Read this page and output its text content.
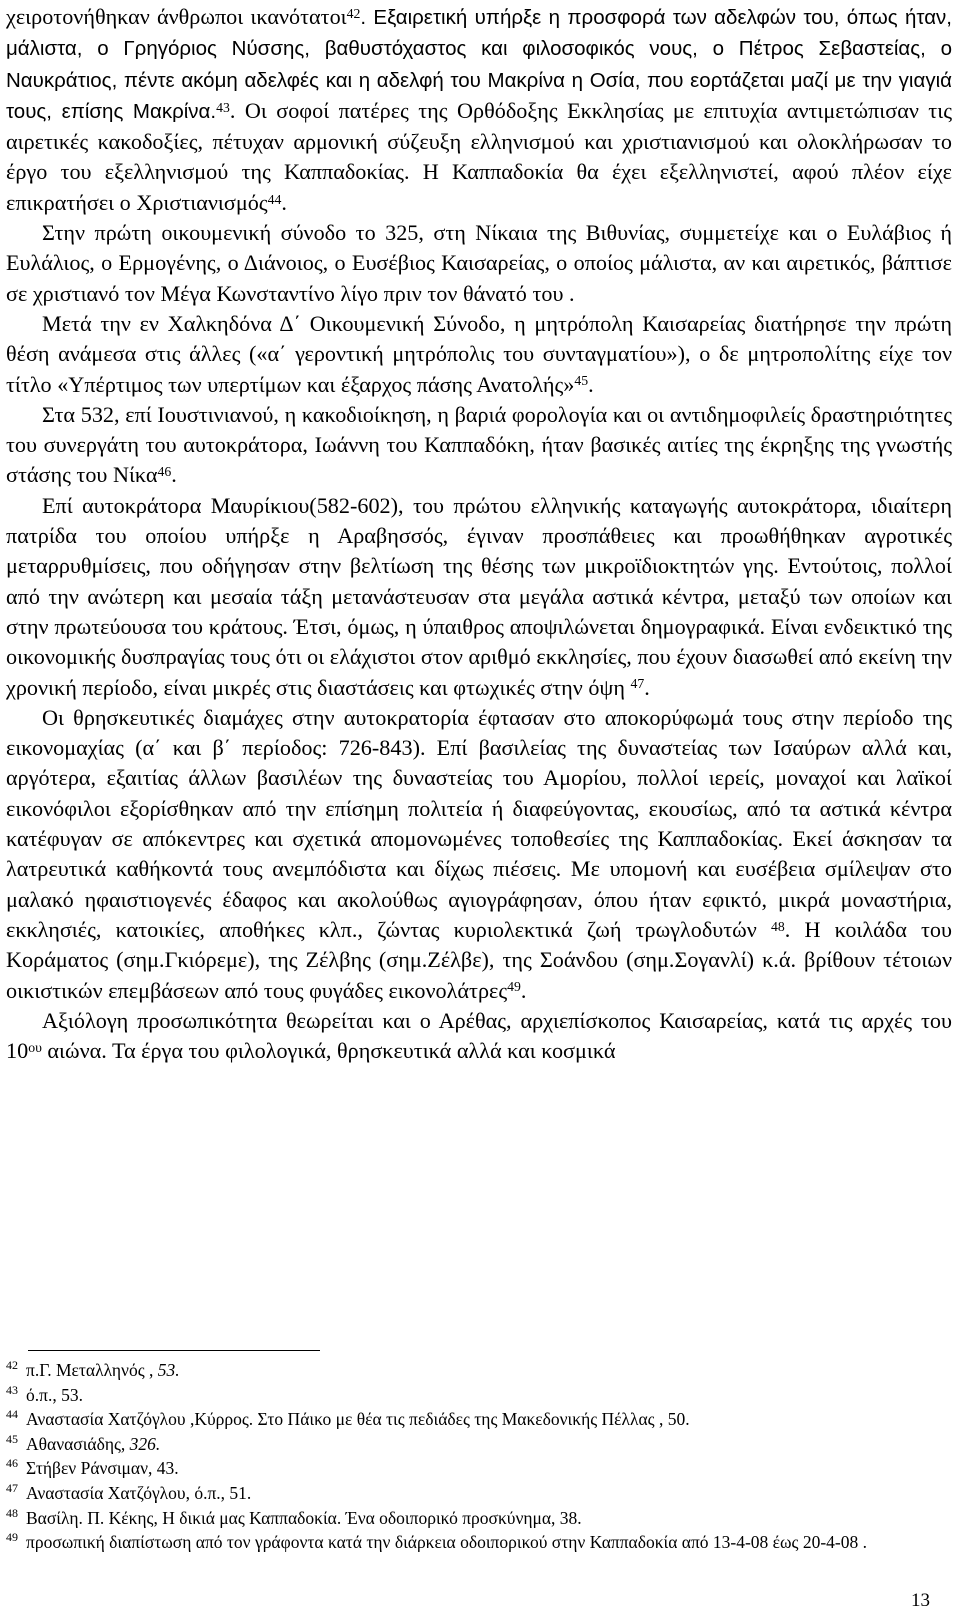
χειροτονήθηκαν άνθρωποι ικανότατοι$^{42}$. Εξαιρετική υπήρξε η προσφορά των αδελφών του, όπως ήταν, μάλιστα, ο Γρηγόριος Νύσσης, βαθυστόχαστος και φιλοσοφικός νους, ο Πέτρος Σεβαστείας, ο Ναυκράτιος, πέντε ακόμη αδελφές και η αδελφή του Μακρίνα η Οσία, που εορτάζεται μαζί με την γιαγιά τους, επίσης Μακρίνα.$^{43}$. Οι σοφοί πατέρες της Ορθόδοξης Εκκλησίας με επιτυχία αντιμετώπισαν τις αιρετικές κακοδοξίες, πέτυχαν αρμονική σύζευξη ελληνισμού και χριστιανισμού και ολοκλήρωσαν το έργο του εξελληνισμού της Καππαδοκίας. Η Καππαδοκία θα έχει εξελληνιστεί, αφού πλέον είχε επικρατήσει ο Χριστιανισμός$^{44}$.

Στην πρώτη οικουμενική σύνοδο το 325, στη Νίκαια της Βιθυνίας, συμμετείχε και ο Ευλάβιος ή Ευλάλιος, ο Ερμογένης, ο Διάνοιος, ο Ευσέβιος Καισαρείας, ο οποίος μάλιστα, αν και αιρετικός, βάπτισε σε χριστιανό τον Μέγα Κωνσταντίνο λίγο πριν τον θάνατό του .

Μετά την εν Χαλκηδόνα Δ΄ Οικουμενική Σύνοδο, η μητρόπολη Καισαρείας διατήρησε την πρώτη θέση ανάμεσα στις άλλες («α΄ γεροντική μητρόπολις του συνταγματίου»), ο δε μητροπολίτης είχε τον τίτλο «Υπέρτιμος των υπερτίμων και έξαρχος πάσης Ανατολής»$^{45}$.

Στα 532, επί Ιουστινιανού, η κακοδιοίκηση, η βαριά φορολογία και οι αντιδημοφιλείς δραστηριότητες του συνεργάτη του αυτοκράτορα, Ιωάννη του Καππαδόκη, ήταν βασικές αιτίες της έκρηξης της γνωστής στάσης του Νίκα$^{46}$.

Επί αυτοκράτορα Μαυρίκιου(582-602), του πρώτου ελληνικής καταγωγής αυτοκράτορα, ιδιαίτερη πατρίδα του οποίου υπήρξε η Αραβησσός, έγιναν προσπάθειες και προωθήθηκαν αγροτικές μεταρρυθμίσεις, που οδήγησαν στην βελτίωση της θέσης των μικροϊδιοκτητών γης. Εντούτοις, πολλοί από την ανώτερη και μεσαία τάξη μετανάστευσαν στα μεγάλα αστικά κέντρα, μεταξύ των οποίων και στην πρωτεύουσα του κράτους. Έτσι, όμως, η ύπαιθρος αποψιλώνεται δημογραφικά. Είναι ενδεικτικό της οικονομικής δυσπραγίας τους ότι οι ελάχιστοι στον αριθμό εκκλησίες, που έχουν διασωθεί από εκείνη την χρονική περίοδο, είναι μικρές στις διαστάσεις και φτωχικές στην όψη $^{47}$.

Οι θρησκευτικές διαμάχες στην αυτοκρατορία έφτασαν στο αποκορύφωμά τους στην περίοδο της εικονομαχίας (α΄ και β΄ περίοδος: 726-843). Επί βασιλείας της δυναστείας των Ισαύρων αλλά και, αργότερα, εξαιτίας άλλων βασιλέων της δυναστείας του Αμορίου, πολλοί ιερείς, μοναχοί και λαϊκοί εικονόφιλοι εξορίσθηκαν από την επίσημη πολιτεία ή διαφεύγοντας, εκουσίως, από τα αστικά κέντρα κατέφυγαν σε απόκεντρες και σχετικά απομονωμένες τοποθεσίες της Καππαδοκίας. Εκεί άσκησαν τα λατρευτικά καθήκοντά τους ανεμπόδιστα και δίχως πιέσεις. Με υπομονή και ευσέβεια σμίλεψαν στο μαλακό ηφαιστιογενές έδαφος και ακολούθως αγιογράφησαν, όπου ήταν εφικτό, μικρά μοναστήρια, εκκλησιές, κατοικίες, αποθήκες κλπ., ζώντας κυριολεκτικά ζωή τρωγλοδυτών $^{48}$. Η κοιλάδα του Κοράματος (σημ.Γκιόρεμε), της Ζέλβης (σημ.Ζέλβε), της Σοάνδου (σημ.Σογανλί) κ.ά. βρίθουν τέτοιων οικιστικών επεμβάσεων από τους φυγάδες εικονολάτρες$^{49}$.

Αξιόλογη προσωπικότητα θεωρείται και ο Αρέθας, αρχιεπίσκοπος Καισαρείας, κατά τις αρχές του $10^{o\upsilon}$ αιώνα. Τα έργα του φιλολογικά, θρησκευτικά αλλά και κοσμικά

42 π.Γ. Μεταλληνός , 53.
43 ό.π., 53.
44 Αναστασία Χατζόγλου ,Κύρρος. Στο Πάικο με θέα τις πεδιάδες της Μακεδονικής Πέλλας , 50.
45 Αθανασιάδης, 326.
46 Στήβεν Ράνσιμαν, 43.
47 Αναστασία Χατζόγλου, ό.π., 51.
48 Βασίλη. Π. Κέκης, Η δικιά μας Καππαδοκία. Ένα οδοιπορικό προσκύνημα, 38.
49 προσωπική διαπίστωση από τον γράφοντα κατά την διάρκεια οδοιπορικού στην Καππαδοκία από 13-4-08 έως 20-4-08 .
13
